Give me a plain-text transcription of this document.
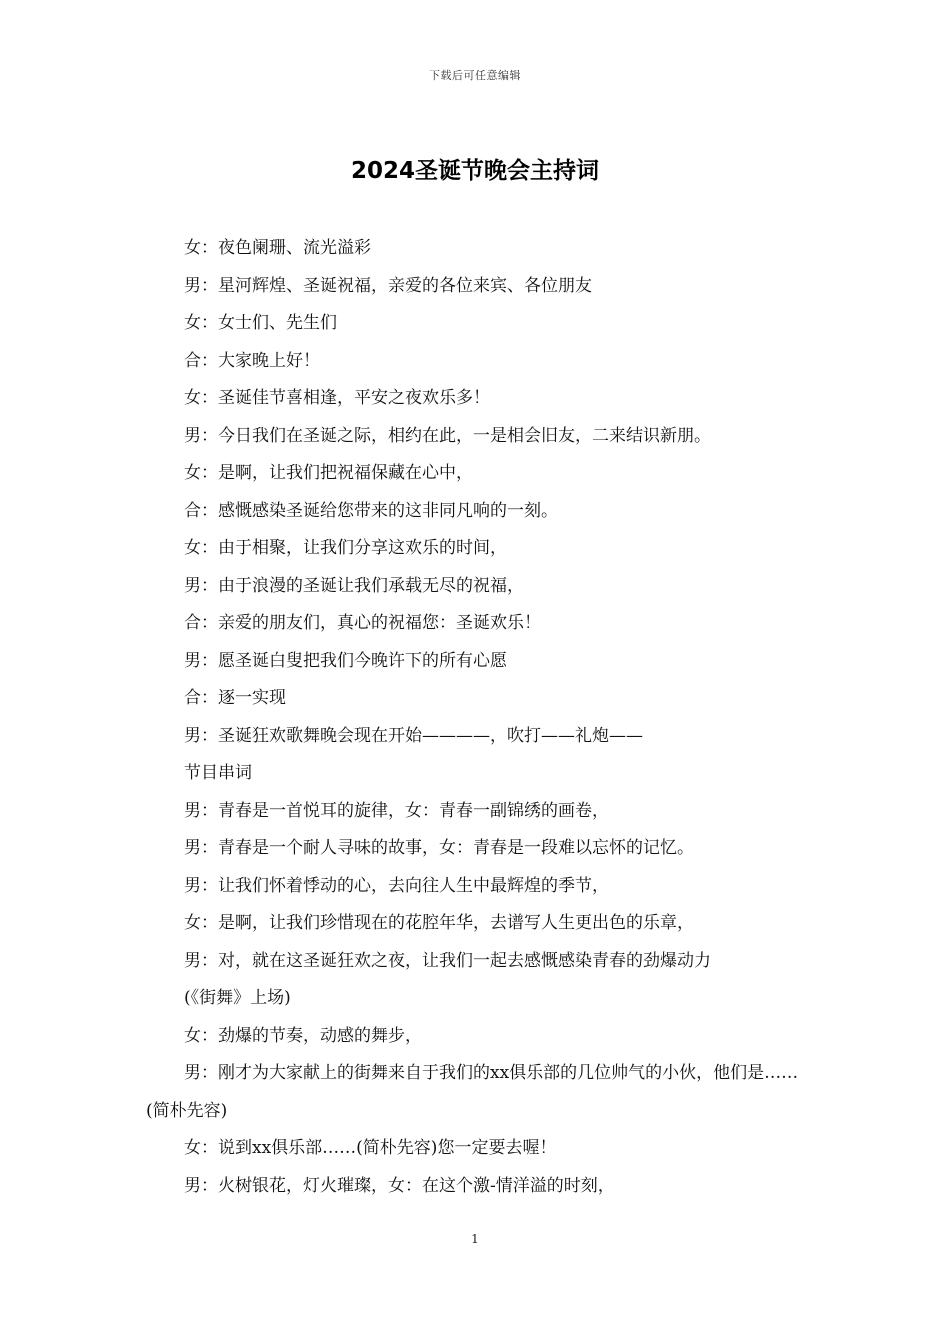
下载后可任意编辑
2024圣诞节晚会主持词

女：夜色阑珊、流光溢彩

男：星河辉煌、圣诞祝福，亲爱的各位来宾、各位朋友

女：女士们、先生们

合：大家晚上好！

女：圣诞佳节喜相逢，平安之夜欢乐多！

男：今日我们在圣诞之际，相约在此，一是相会旧友，二来结识新朋。

女：是啊，让我们把祝福保藏在心中，

合：感慨感染圣诞给您带来的这非同凡响的一刻。

女：由于相聚，让我们分享这欢乐的时间，

男：由于浪漫的圣诞让我们承载无尽的祝福，

合：亲爱的朋友们，真心的祝福您：圣诞欢乐！

男：愿圣诞白叟把我们今晚许下的所有心愿

合：逐一实现

男：圣诞狂欢歌舞晚会现在开始————，吹打——礼炮——

节目串词

男：青春是一首悦耳的旋律，女：青春一副锦绣的画卷，

男：青春是一个耐人寻味的故事，女：青春是一段难以忘怀的记忆。

男：让我们怀着悸动的心，去向往人生中最辉煌的季节，

女：是啊，让我们珍惜现在的花腔年华，去谱写人生更出色的乐章，

男：对，就在这圣诞狂欢之夜，让我们一起去感慨感染青春的劲爆动力

(《街舞》上场)

女：劲爆的节奏，动感的舞步，

男：刚才为大家献上的街舞来自于我们的xx俱乐部的几位帅气的小伙，他们是……(简朴先容)

女：说到xx俱乐部……(简朴先容)您一定要去喔！

男：火树银花，灯火璀璨，女：在这个激-情洋溢的时刻，

1
